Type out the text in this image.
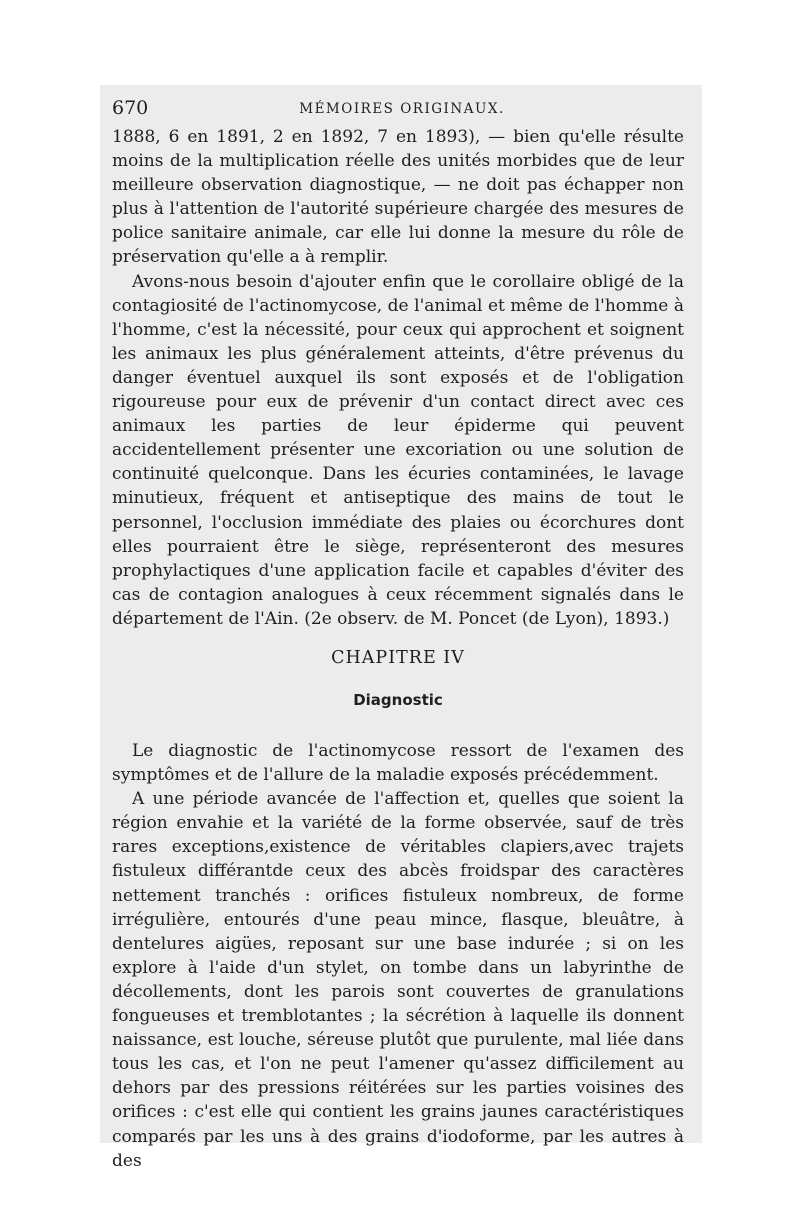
670	MÉMOIRES ORIGINAUX.

1888, 6 en 1891, 2 en 1892, 7 en 1893), — bien qu'elle résulte moins de la multiplication réelle des unités morbides que de leur meilleure observation diagnostique, — ne doit pas échapper non plus à l'attention de l'autorité supérieure chargée des mesures de police sanitaire animale, car elle lui donne la mesure du rôle de préservation qu'elle a à remplir.

Avons-nous besoin d'ajouter enfin que le corollaire obligé de la contagiosité de l'actinomycose, de l'animal et même de l'homme à l'homme, c'est la nécessité, pour ceux qui approchent et soignent les animaux les plus généralement atteints, d'être prévenus du danger éventuel auxquel ils sont exposés et de l'obligation rigoureuse pour eux de prévenir d'un contact direct avec ces animaux les parties de leur épiderme qui peuvent accidentellement présenter une excoriation ou une solution de continuité quelconque. Dans les écuries contaminées, le lavage minutieux, fréquent et antiseptique des mains de tout le personnel, l'occlusion immédiate des plaies ou écorchures dont elles pourraient être le siège, représenteront des mesures prophylactiques d'une application facile et capables d'éviter des cas de contagion analogues à ceux récemment signalés dans le département de l'Ain. (2e observ. de M. Poncet (de Lyon), 1893.)

CHAPITRE IV
Diagnostic

Le diagnostic de l'actinomycose ressort de l'examen des symptômes et de l'allure de la maladie exposés précédemment.

A une période avancée de l'affection et, quelles que soient la région envahie et la variété de la forme observée, sauf de très rares exceptions,existence de véritables clapiers,avec trajets fistuleux différantde ceux des abcès froidspar des caractères nettement tranchés : orifices fistuleux nombreux, de forme irrégulière, entourés d'une peau mince, flasque, bleuâtre, à dentelures aigües, reposant sur une base indurée ; si on les explore à l'aide d'un stylet, on tombe dans un labyrinthe de décollements, dont les parois sont couvertes de granulations fongueuses et tremblotantes ; la sécrétion à laquelle ils donnent naissance, est louche, séreuse plutôt que purulente, mal liée dans tous les cas, et l'on ne peut l'amener qu'assez difficilement au dehors par des pressions réitérées sur les parties voisines des orifices : c'est elle qui contient les grains jaunes caractéristiques comparés par les uns à des grains d'iodoforme, par les autres à des
